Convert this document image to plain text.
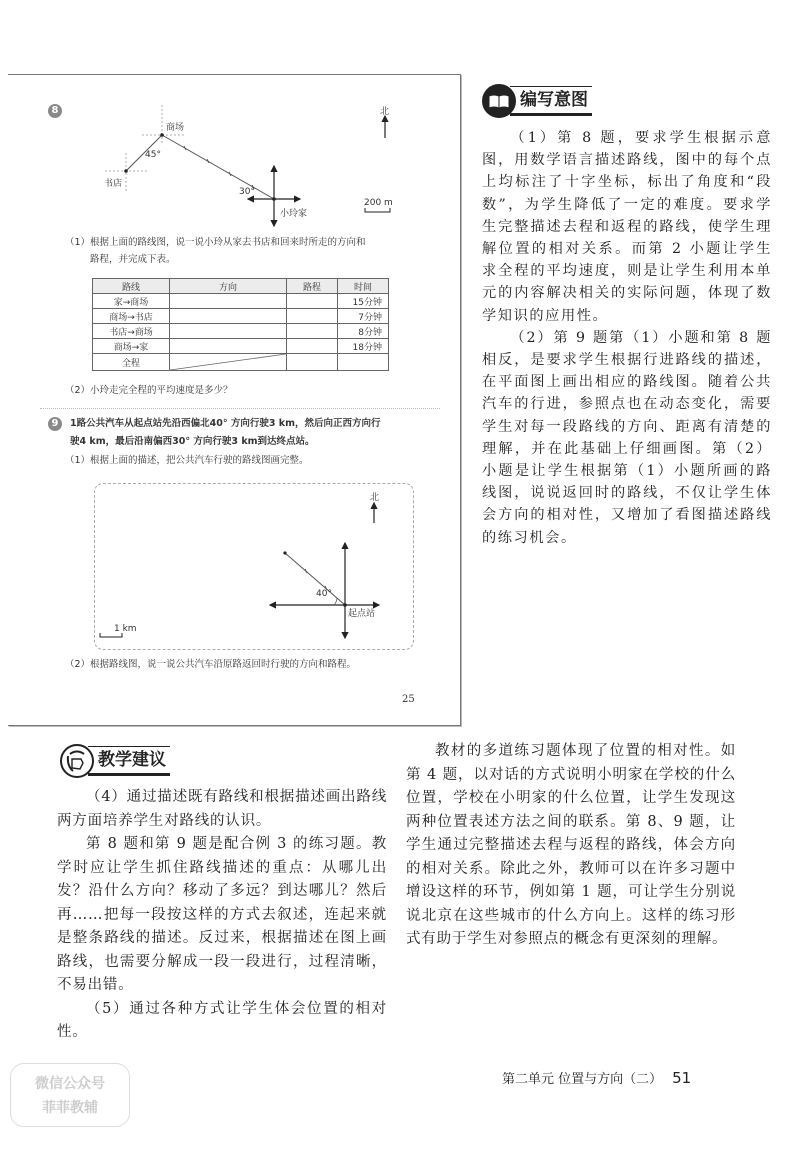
8	北
商场
书店
小玲家
45°
30°
200 m
（1）根据上面的路线图，说一说小玲从家去书店和回来时所走的方向和
路程，并完成下表。
路线	方向	路程	时间
家→商场			15分钟
商场→书店			7分钟
书店→商场			8分钟
商场→家			18分钟
全程	

（2）小玲走完全程的平均速度是多少？
9	1路公共汽车从起点站先沿西偏北40° 方向行驶3 km，然后向正西方向行
驶4 km，最后沿南偏西30° 方向行驶3 km到达终点站。
（1）根据上面的描述，把公共汽车行驶的路线图画完整。
北
40°
起点站
1 km
（2）根据路线图，说一说公共汽车沿原路返回时行驶的方向和路程。
25
编写意图

（1）第 8 题，要求学生根据示意图，用数学语言描述路线，图中的每个点上均标注了十字坐标，标出了角度和“段数”，为学生降低了一定的难度。要求学生完整描述去程和返程的路线，使学生理解位置的相对关系。而第 2 小题让学生求全程的平均速度，则是让学生利用本单元的内容解决相关的实际问题，体现了数学知识的应用性。

（2）第 9 题第（1）小题和第 8 题相反，是要求学生根据行进路线的描述，在平面图上画出相应的路线图。随着公共汽车的行进，参照点也在动态变化，需要学生对每一段路线的方向、距离有清楚的理解，并在此基础上仔细画图。第（2）小题是让学生根据第（1）小题所画的路线图，说说返回时的路线，不仅让学生体会方向的相对性，又增加了看图描述路线的练习机会。

教学建议

（4）通过描述既有路线和根据描述画出路线两方面培养学生对路线的认识。

第 8 题和第 9 题是配合例 3 的练习题。教学时应让学生抓住路线描述的重点：从哪儿出发？沿什么方向？移动了多远？到达哪儿？然后再……把每一段按这样的方式去叙述，连起来就是整条路线的描述。反过来，根据描述在图上画路线，也需要分解成一段一段进行，过程清晰，不易出错。

（5）通过各种方式让学生体会位置的相对性。

教材的多道练习题体现了位置的相对性。如第 4 题，以对话的方式说明小明家在学校的什么位置，学校在小明家的什么位置，让学生发现这两种位置表述方法之间的联系。第 8、9 题，让学生通过完整描述去程与返程的路线，体会方向的相对关系。除此之外，教师可以在许多习题中增设这样的环节，例如第 1 题，可让学生分别说说北京在这些城市的什么方向上。这样的练习形式有助于学生对参照点的概念有更深刻的理解。

第二单元 位置与方向（二） 51
微信公众号
菲菲教辅
